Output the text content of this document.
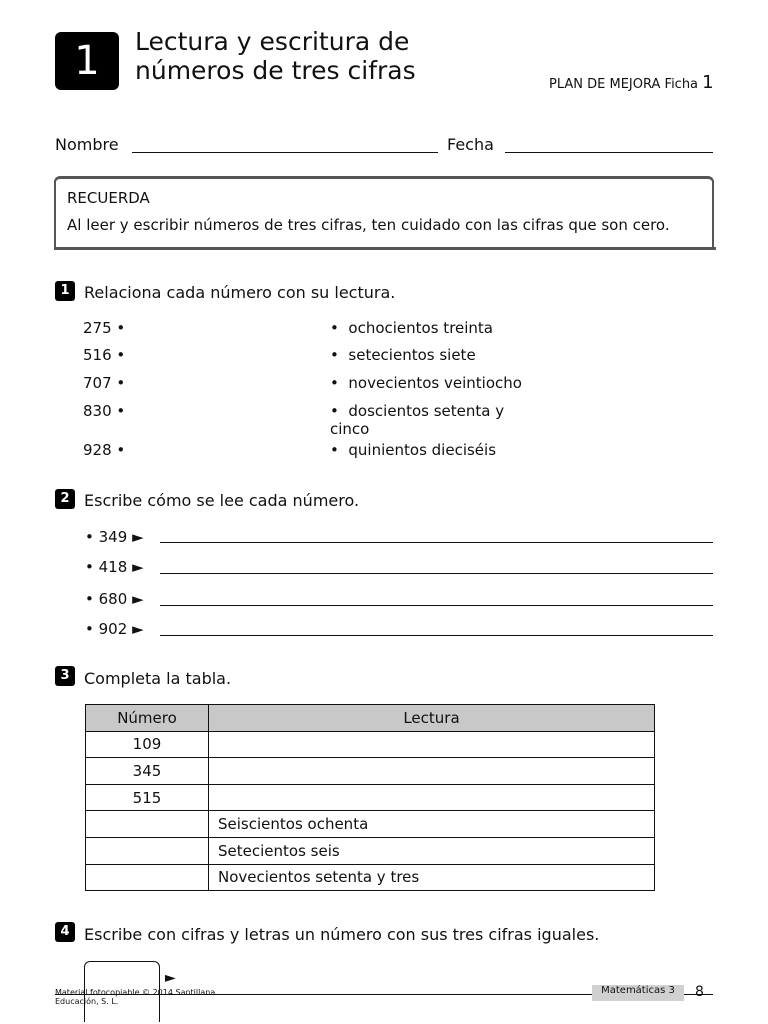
1	Lectura y escritura de números de tres cifras	PLAN DE MEJORA Ficha 1
Nombre	Fecha
RECUERDA
Al leer y escribir números de tres cifras, ten cuidado con las cifras que son cero.
1 Relaciona cada número con su lectura.
275 •
516 •
707 •
830 •
928 •
• ochocientos treinta
• setecientos siete
• novecientos veintiocho
• doscientos setenta y cinco
• quinientos dieciséis
2 Escribe cómo se lee cada número.
• 349 ►
• 418 ►
• 680 ►
• 902 ►
3 Completa la tabla.
Número	Lectura
109	
345	
515	
	Seiscientos ochenta
	Setecientos seis
	Novecientos setenta y tres
4 Escribe con cifras y letras un número con sus tres cifras iguales.
►
Material fotocopiable © 2014 Santillana Educación, S. L.
Matemáticas 3	8
